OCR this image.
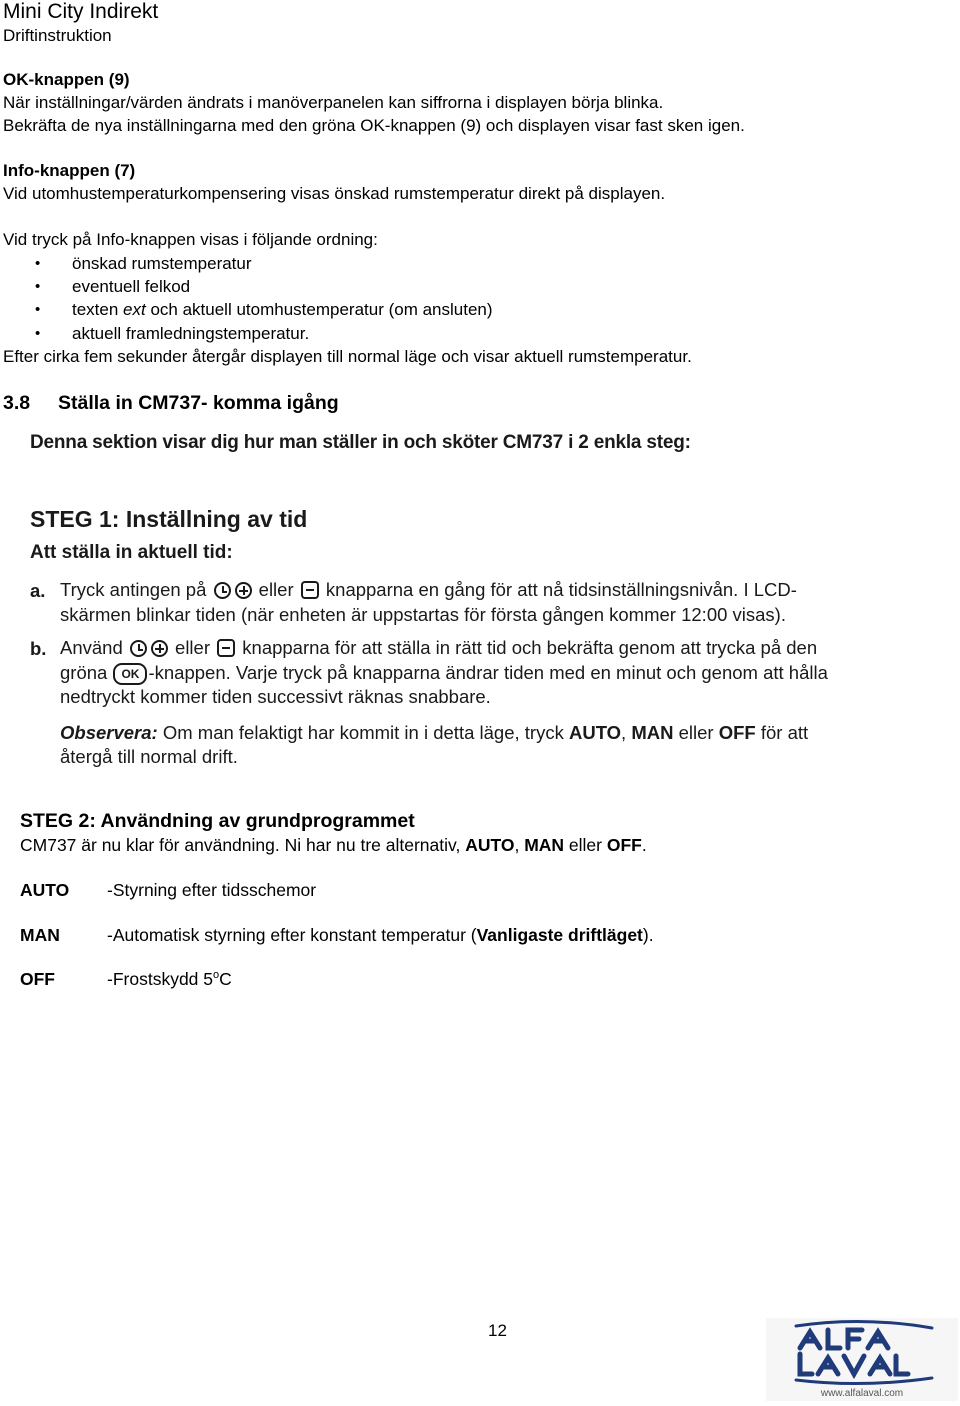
Mini City Indirekt
Driftinstruktion
OK-knappen (9)
När inställningar/värden ändrats i manöverpanelen kan siffrorna i displayen börja blinka.
Bekräfta de nya inställningarna med den gröna OK-knappen (9) och displayen visar fast sken igen.
Info-knappen (7)
Vid utomhustemperaturkompensering visas önskad rumstemperatur direkt på displayen.
Vid tryck på Info-knappen visas i följande ordning:
• önskad rumstemperatur
• eventuell felkod
• texten ext och aktuell utomhustemperatur (om ansluten)
• aktuell framledningstemperatur.
Efter cirka fem sekunder återgår displayen till normal läge och visar aktuell rumstemperatur.
3.8 Ställa in CM737- komma igång
Denna sektion visar dig hur man ställer in och sköter CM737 i 2 enkla steg:
STEG 1: Inställning av tid
Att ställa in aktuell tid:
a. Tryck antingen på	eller knapparna en gång för att nå tidsinställningsnivån. I LCD-
skärmen blinkar tiden (när enheten är uppstartas för första gången kommer 12:00 visas).
b. Använd	eller knapparna för att ställa in rätt tid och bekräfta genom att trycka på den
gröna OK -knappen. Varje tryck på knapparna ändrar tiden med en minut och genom att hålla
nedtryckt kommer tiden successivt räknas snabbare.
Observera: Om man felaktigt har kommit in i detta läge, tryck AUTO, MAN eller OFF för att
återgå till normal drift.
STEG 2: Användning av grundprogrammet
CM737 är nu klar för användning. Ni har nu tre alternativ, AUTO, MAN eller OFF.
AUTO -Styrning efter tidsschemor
MAN	-Automatisk styrning efter konstant temperatur (Vanligaste driftläget).
OFF	-Frostskydd 5$^o$C
12
www.alfalaval.com
